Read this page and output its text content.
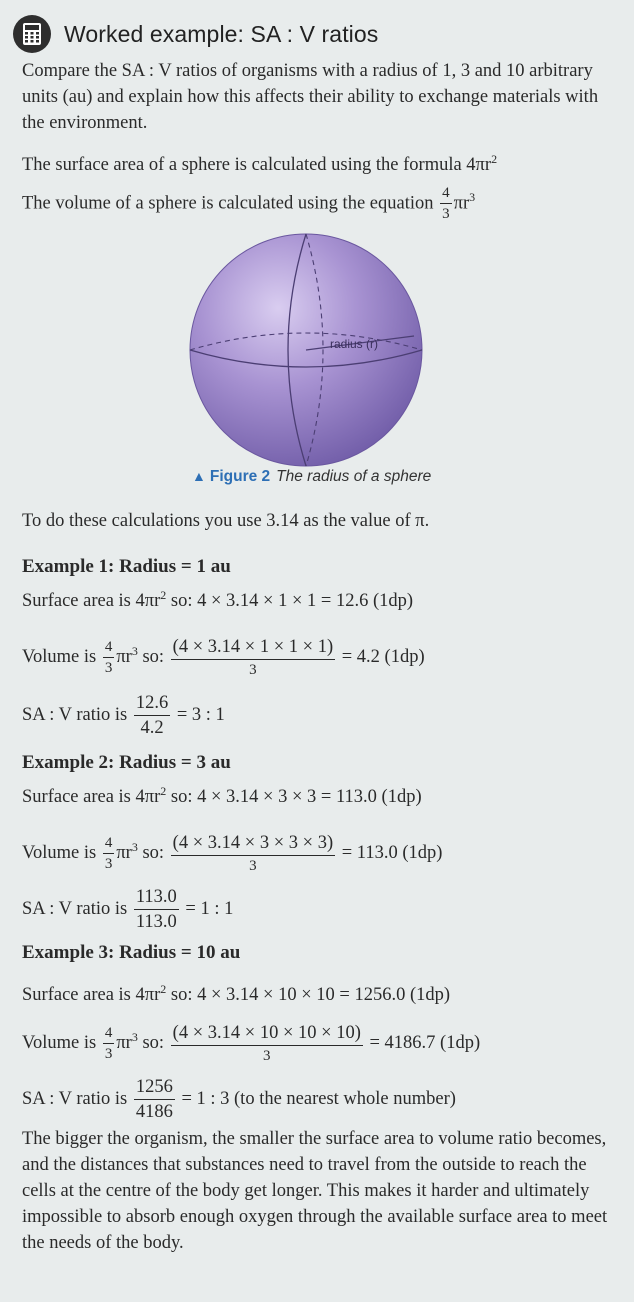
Worked example: SA : V ratios

Compare the SA : V ratios of organisms with a radius of 1, 3 and 10 arbitrary units (au) and explain how this affects their ability to exchange materials with the environment.

The surface area of a sphere is calculated using the formula $4\pi r^2$
The volume of a sphere is calculated using the equation $\frac{4}{3} \pi r^3$
radius (r)
▲ Figure 2 The radius of a sphere
To do these calculations you use 3.14 as the value of π.
Example 1: Radius = 1 au
Surface area is $4\pi r^2$ so: 4 × 3.14 × 1 × 1 = 12.6 (1dp)
Volume is $\frac{4}{3} \pi r^3$ so: $\frac{(4 \times 3.14 \times 1 \times 1 \times 1)}{3} = 4.2$ (1dp)
SA : V ratio is $\frac{12.6}{4.2} = 3$ : 1
Example 2: Radius = 3 au
Surface area is $4\pi r^2$ so: 4 × 3.14 × 3 × 3 = 113.0 (1dp)
Volume is $\frac{4}{3} \pi r^3$ so: $\frac{(4 \times 3.14 \times 3 \times 3 \times 3)}{3} = 113.0$ (1dp)
SA : V ratio is $\frac{113.0}{113.0} = 1$ : 1
Example 3: Radius = 10 au
Surface area is $4\pi r^2$ so: 4 × 3.14 × 10 × 10 = 1256.0 (1dp)
Volume is $\frac{4}{3} \pi r^3$ so: $\frac{(4 \times 3.14 \times 10 \times 10 \times 10)}{3} = 4186.7$ (1dp)
SA : V ratio is $\frac{1256}{4186} = 1$ : 3 (to the nearest whole number)

The bigger the organism, the smaller the surface area to volume ratio becomes, and the distances that substances need to travel from the outside to reach the cells at the centre of the body get longer. This makes it harder and ultimately impossible to absorb enough oxygen through the available surface area to meet the needs of the body.
